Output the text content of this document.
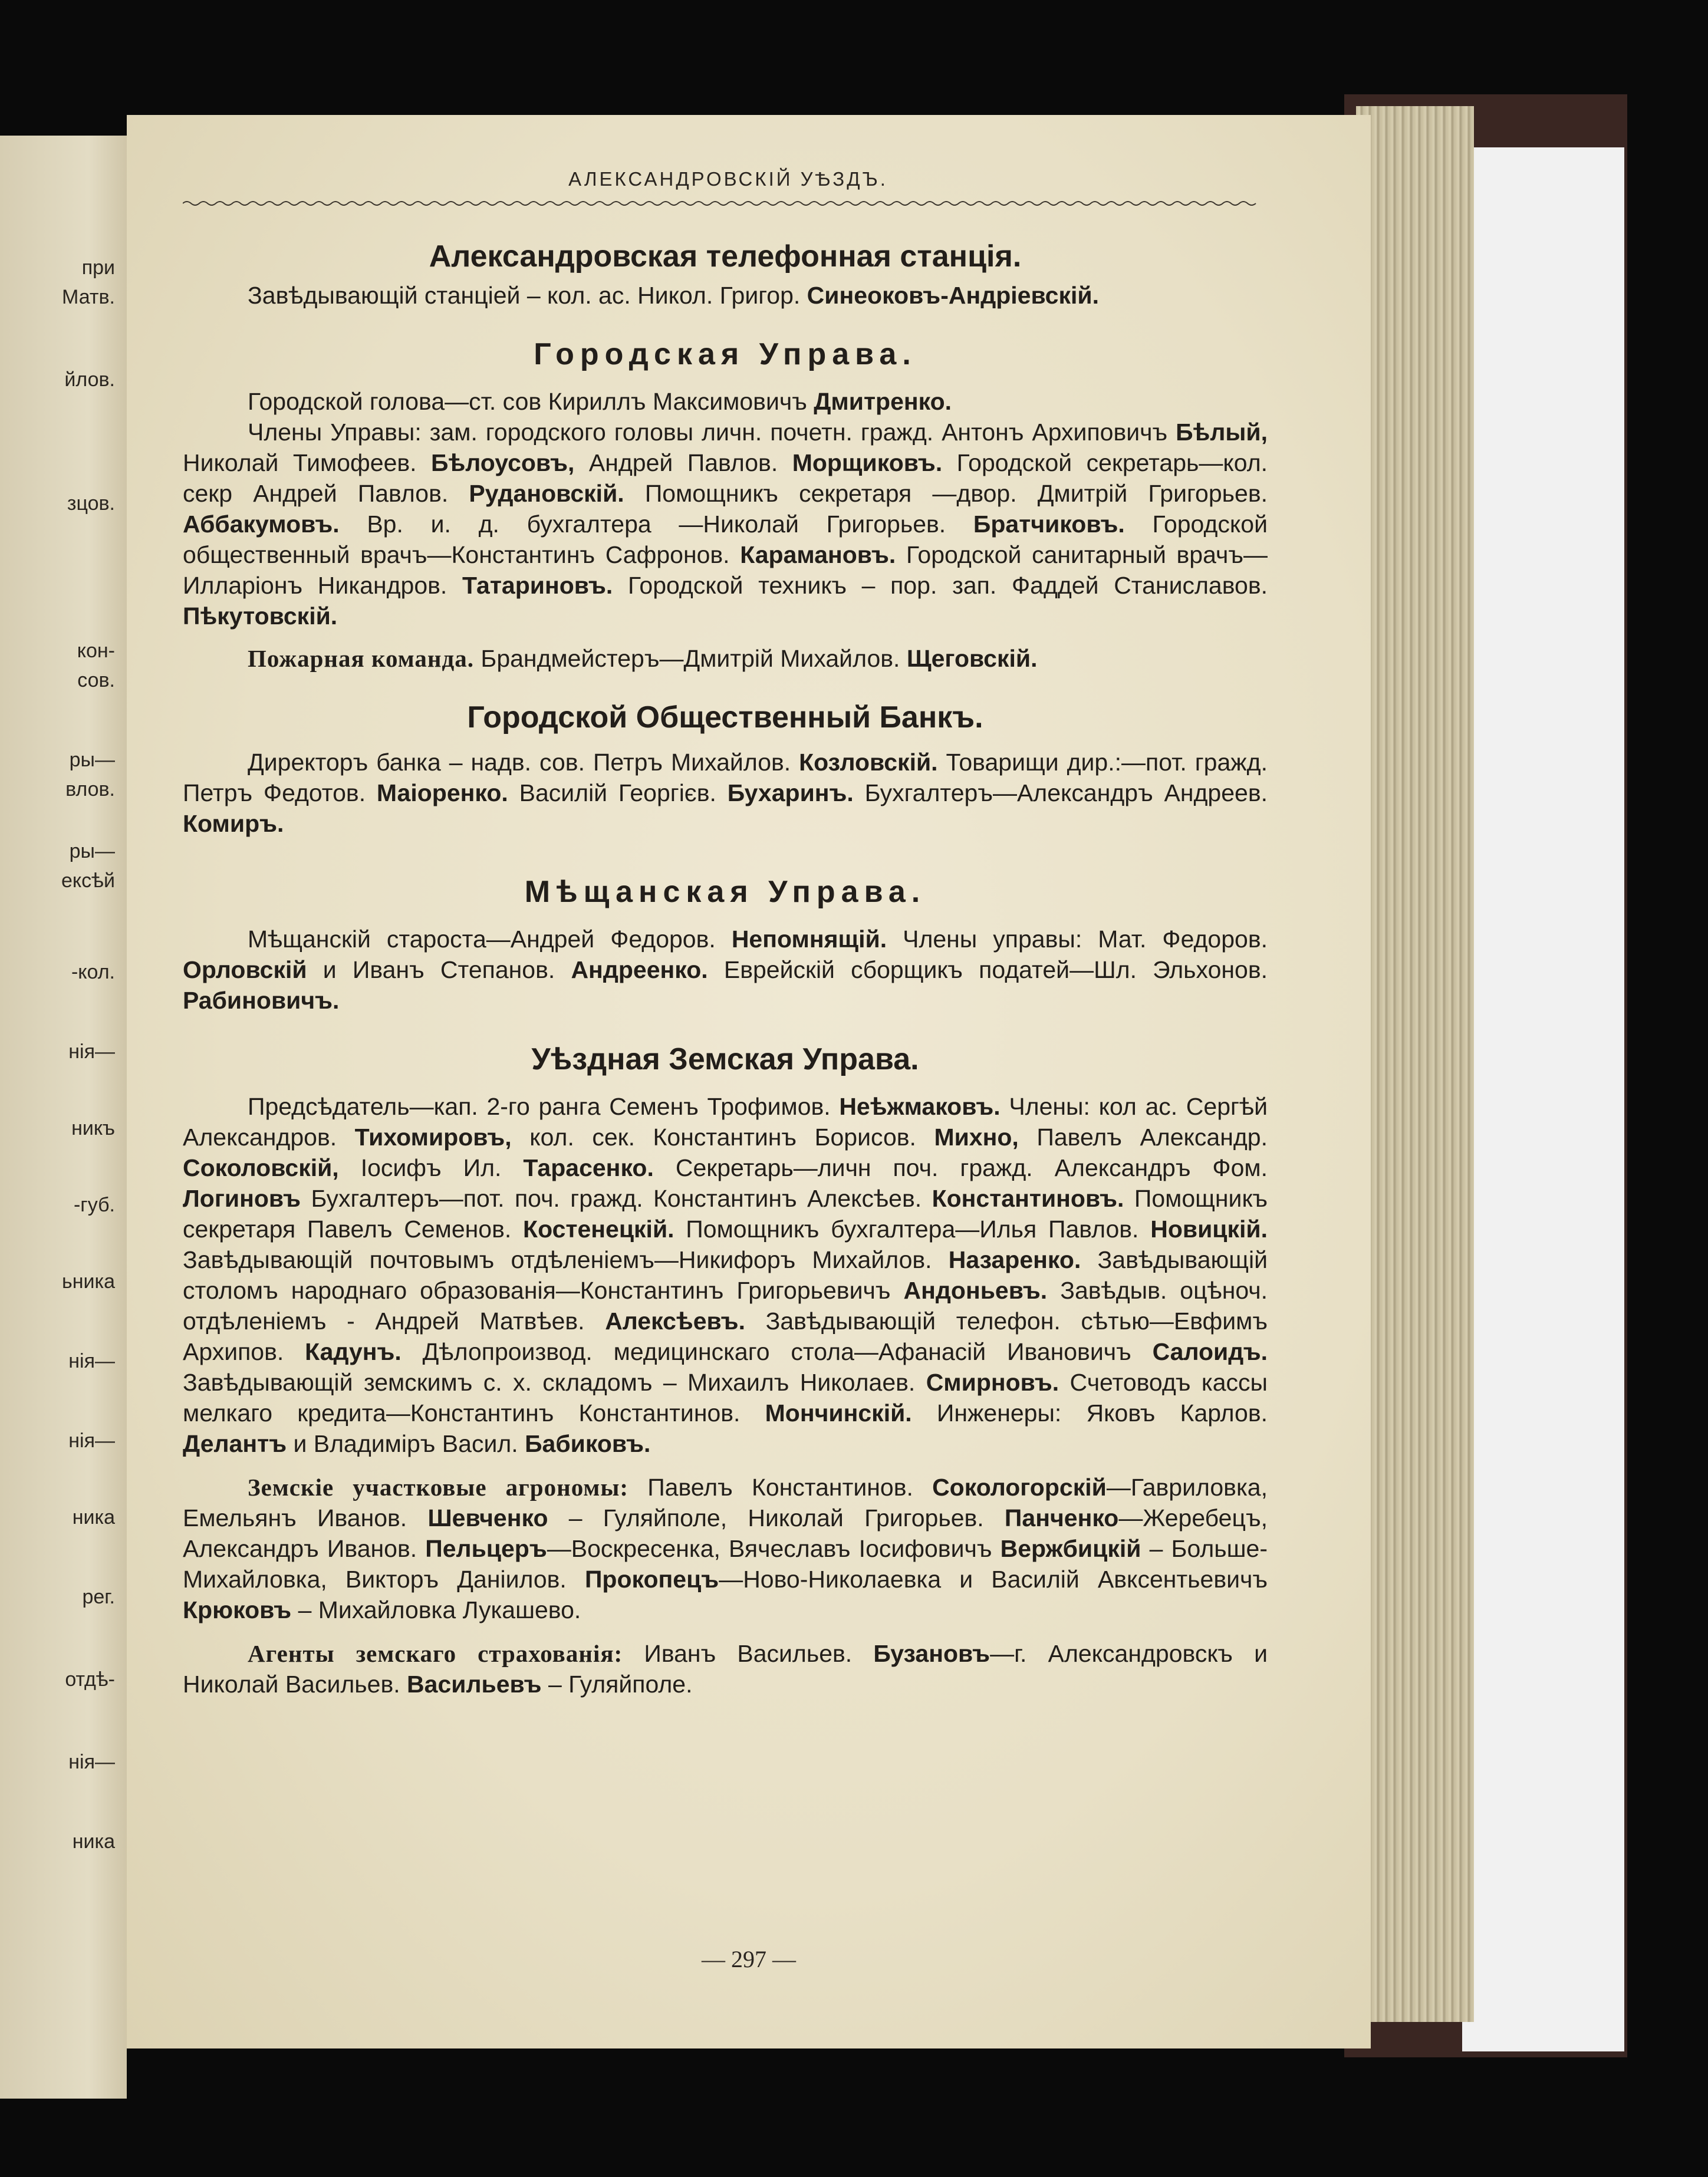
при
Матв.
йлов.
зцов.
кон-
сов.
ры—
влов.
ры—
ексѣй
-кол.
нія—
никъ
-губ.
ьника
нія—
нія—
ника
рег.
отдѣ-
нія—
ника
АЛЕКСАНДРОВСКІЙ УѢЗДЪ.
Александровская телефонная станція.

Завѣдывающій станціей – кол. ас. Никол. Григор. Синеоковъ-Андріевскій.

Городская Управа.

Городской голова—ст. сов Кириллъ Максимовичъ Дмитренко.

Члены Управы: зам. городского головы личн. почетн. гражд. Антонъ Архиповичъ Бѣлый, Николай Тимофеев. Бѣлоусовъ, Андрей Павлов. Морщиковъ. Городской секретарь—кол. секр Андрей Павлов. Рудановскій. Помощникъ секретаря —двор. Дмитрій Григорьев. Аббакумовъ. Вр. и. д. бухгалтера —Николай Григорьев. Братчиковъ. Городской общественный врачъ—Константинъ Сафронов. Карамановъ. Городской санитарный врачъ—Илларіонъ Никандров. Татариновъ. Городской техникъ – пор. зап. Фаддей Станиславов. Пѣкутовскій.

Пожарная команда. Брандмейстеръ—Дмитрій Михайлов. Щеговскій.

Городской Общественный Банкъ.

Директоръ банка – надв. сов. Петръ Михайлов. Козловскій. Товарищи дир.:—пот. гражд. Петръ Федотов. Маіоренко. Василій Георгієв. Бухаринъ. Бухгалтеръ—Александръ Андреев. Комиръ.

Мѣщанская Управа.

Мѣщанскій староста—Андрей Федоров. Непомнящій. Члены управы: Мат. Федоров. Орловскій и Иванъ Степанов. Андреенко. Еврейскій сборщикъ податей—Шл. Эльхонов. Рабиновичъ.

Уѣздная Земская Управа.

Предсѣдатель—кап. 2-го ранга Семенъ Трофимов. Неѣжмаковъ. Члены: кол ас. Сергѣй Александров. Тихомировъ, кол. сек. Константинъ Борисов. Михно, Павелъ Александр. Соколовскій, Іосифъ Ил. Тарасенко. Секретарь—личн поч. гражд. Александръ Фом. Логиновъ Бухгалтеръ—пот. поч. гражд. Константинъ Алексѣев. Константиновъ. Помощникъ секретаря Павелъ Семенов. Костенецкій. Помощникъ бухгалтера—Илья Павлов. Новицкій. Завѣдывающій почтовымъ отдѣленіемъ—Никифоръ Михайлов. Назаренко. Завѣдывающій столомъ народнаго образованія—Константинъ Григорьевичъ Андоньевъ. Завѣдыв. оцѣноч. отдѣленіемъ - Андрей Матвѣев. Алексѣевъ. Завѣдывающій телефон. сѣтью—Евфимъ Архипов. Кадунъ. Дѣлопроизвод. медицинскаго стола—Афанасій Ивановичъ Салоидъ. Завѣдывающій земскимъ с. х. складомъ – Михаилъ Николаев. Смирновъ. Счетоводъ кассы мелкаго кредита—Константинъ Константинов. Мончинскій. Инженеры: Яковъ Карлов. Делантъ и Владиміръ Васил. Бабиковъ.

Земскіе участковые агрономы: Павелъ Константинов. Сокологорскій—Гавриловка, Емельянъ Иванов. Шевченко – Гуляйполе, Николай Григорьев. Панченко—Жеребецъ, Александръ Иванов. Пельцеръ—Воскресенка, Вячеславъ Іосифовичъ Вержбицкій – Больше-Михайловка, Викторъ Даніилов. Прокопецъ—Ново-Николаевка и Василій Авксентьевичъ Крюковъ – Михайловка Лукашево.

Агенты земскаго страхованія: Иванъ Васильев. Бузановъ—г. Александровскъ и Николай Васильев. Васильевъ – Гуляйполе.

— 297 —
